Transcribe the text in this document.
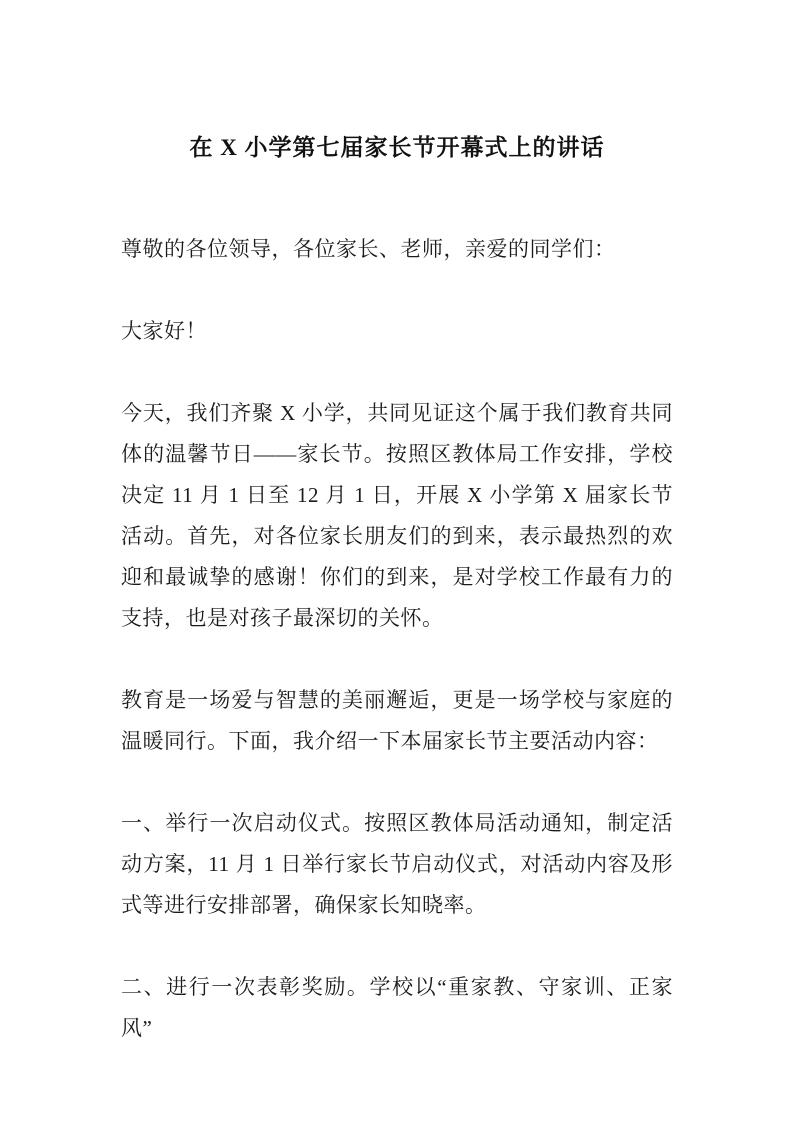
在 X 小学第七届家长节开幕式上的讲话

尊敬的各位领导，各位家长、老师，亲爱的同学们：

大家好！

今天，我们齐聚 X 小学，共同见证这个属于我们教育共同体的温馨节日——家长节。按照区教体局工作安排，学校决定 11 月 1 日至 12 月 1 日，开展 X 小学第 X 届家长节活动。首先，对各位家长朋友们的到来，表示最热烈的欢迎和最诚挚的感谢！你们的到来，是对学校工作最有力的支持，也是对孩子最深切的关怀。

教育是一场爱与智慧的美丽邂逅，更是一场学校与家庭的温暖同行。下面，我介绍一下本届家长节主要活动内容：

一、举行一次启动仪式。按照区教体局活动通知，制定活动方案，11 月 1 日举行家长节启动仪式，对活动内容及形式等进行安排部署，确保家长知晓率。

二、进行一次表彰奖励。学校以“重家教、守家训、正家风”
